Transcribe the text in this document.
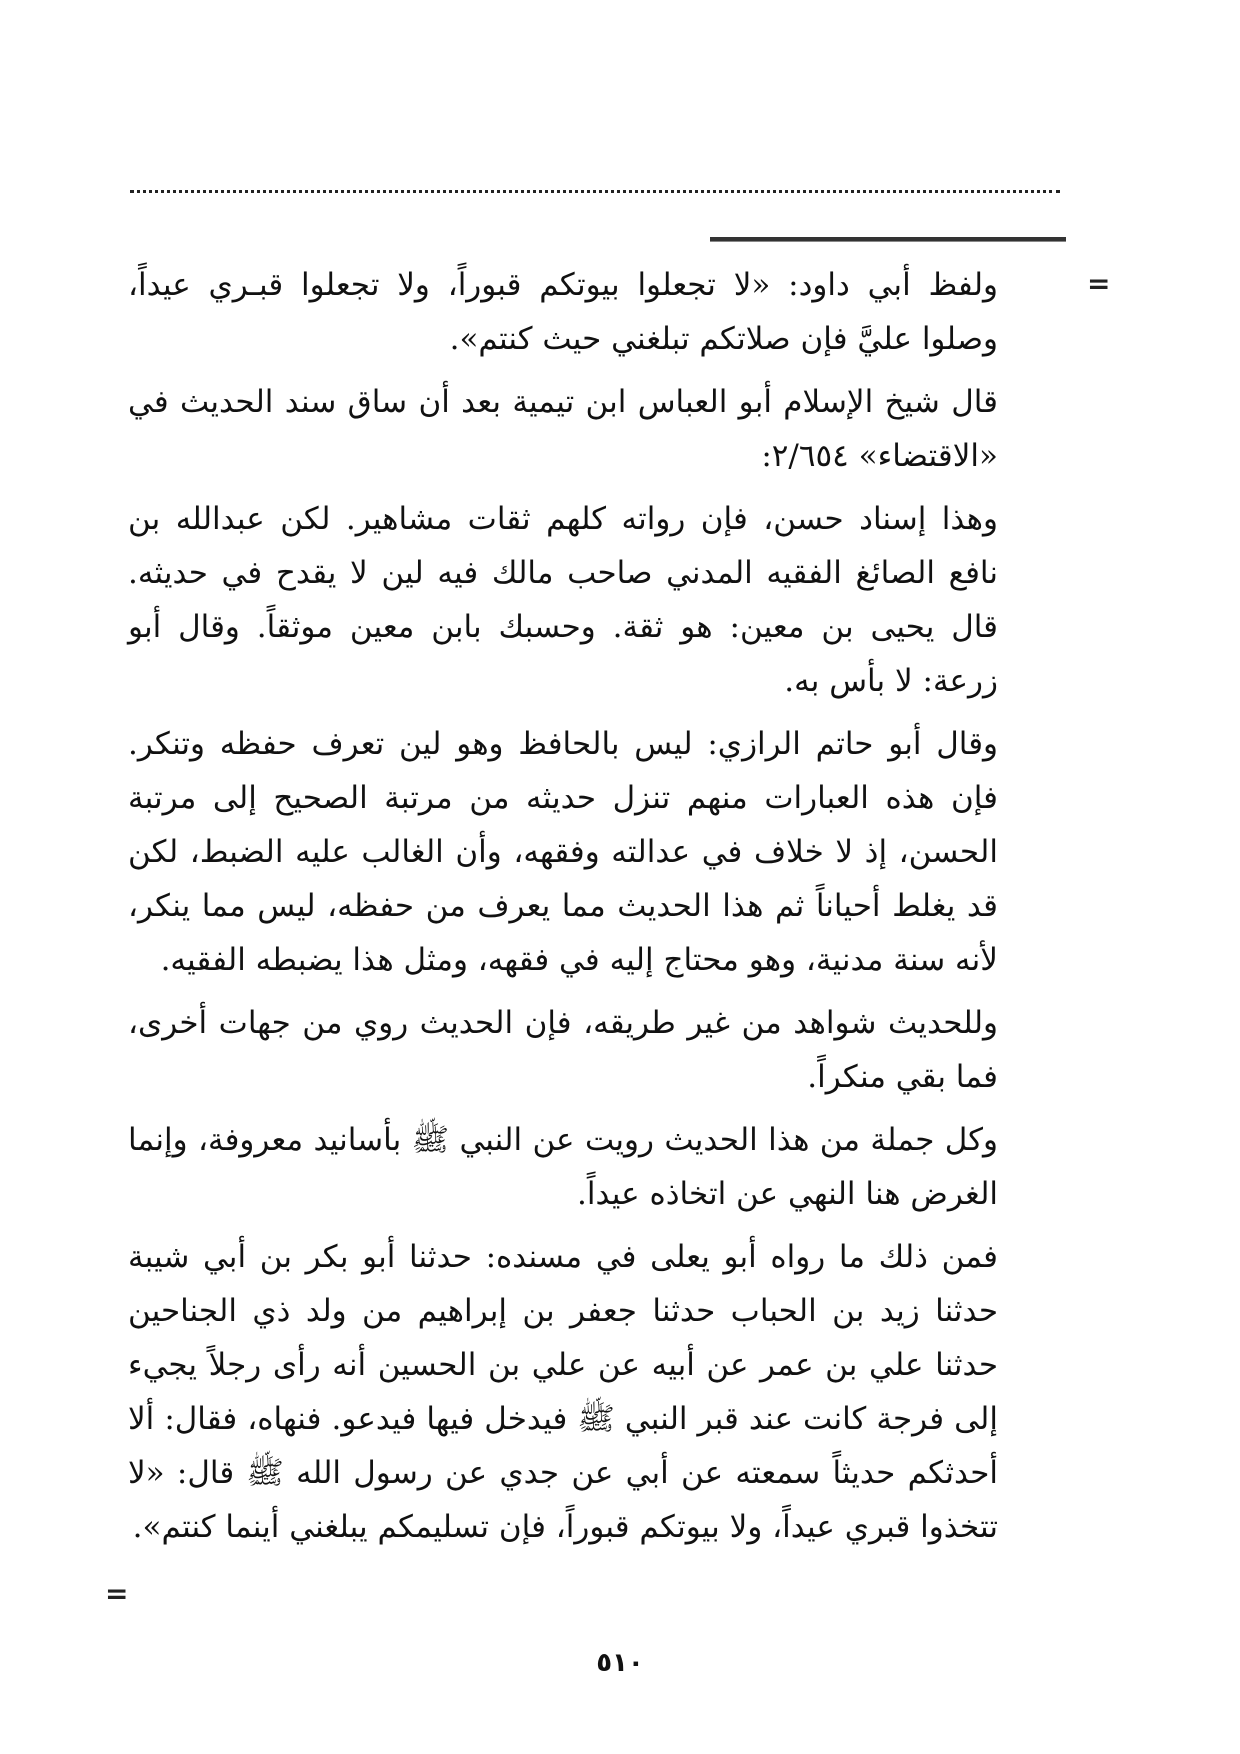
=

ولفظ أبي داود: «لا تجعلوا بيوتكم قبوراً، ولا تجعلوا قبـري عيداً، وصلوا عليَّ فإن صلاتكم تبلغني حيث كنتم».

قال شيخ الإسلام أبو العباس ابن تيمية بعد أن ساق سند الحديث في «الاقتضاء» ٢/٦٥٤:

وهذا إسناد حسن، فإن رواته كلهم ثقات مشاهير. لكن عبدالله بن نافع الصائغ الفقيه المدني صاحب مالك فيه لين لا يقدح في حديثه. قال يحيى بن معين: هو ثقة. وحسبك بابن معين موثقاً. وقال أبو زرعة: لا بأس به.

وقال أبو حاتم الرازي: ليس بالحافظ وهو لين تعرف حفظه وتنكر. فإن هذه العبارات منهم تنزل حديثه من مرتبة الصحيح إلى مرتبة الحسن، إذ لا خلاف في عدالته وفقهه، وأن الغالب عليه الضبط، لكن قد يغلط أحياناً ثم هذا الحديث مما يعرف من حفظه، ليس مما ينكر، لأنه سنة مدنية، وهو محتاج إليه في فقهه، ومثل هذا يضبطه الفقيه.

وللحديث شواهد من غير طريقه، فإن الحديث روي من جهات أخرى، فما بقي منكراً.

وكل جملة من هذا الحديث رويت عن النبي ﷺ بأسانيد معروفة، وإنما الغرض هنا النهي عن اتخاذه عيداً.

فمن ذلك ما رواه أبو يعلى في مسنده: حدثنا أبو بكر بن أبي شيبة حدثنا زيد بن الحباب حدثنا جعفر بن إبراهيم من ولد ذي الجناحين حدثنا علي بن عمر عن أبيه عن علي بن الحسين أنه رأى رجلاً يجيء إلى فرجة كانت عند قبر النبي ﷺ فيدخل فيها فيدعو. فنهاه، فقال: ألا أحدثكم حديثاً سمعته عن أبي عن جدي عن رسول الله ﷺ قال: «لا تتخذوا قبري عيداً، ولا بيوتكم قبوراً، فإن تسليمكم يبلغني أينما كنتم».

=
٥١٠
